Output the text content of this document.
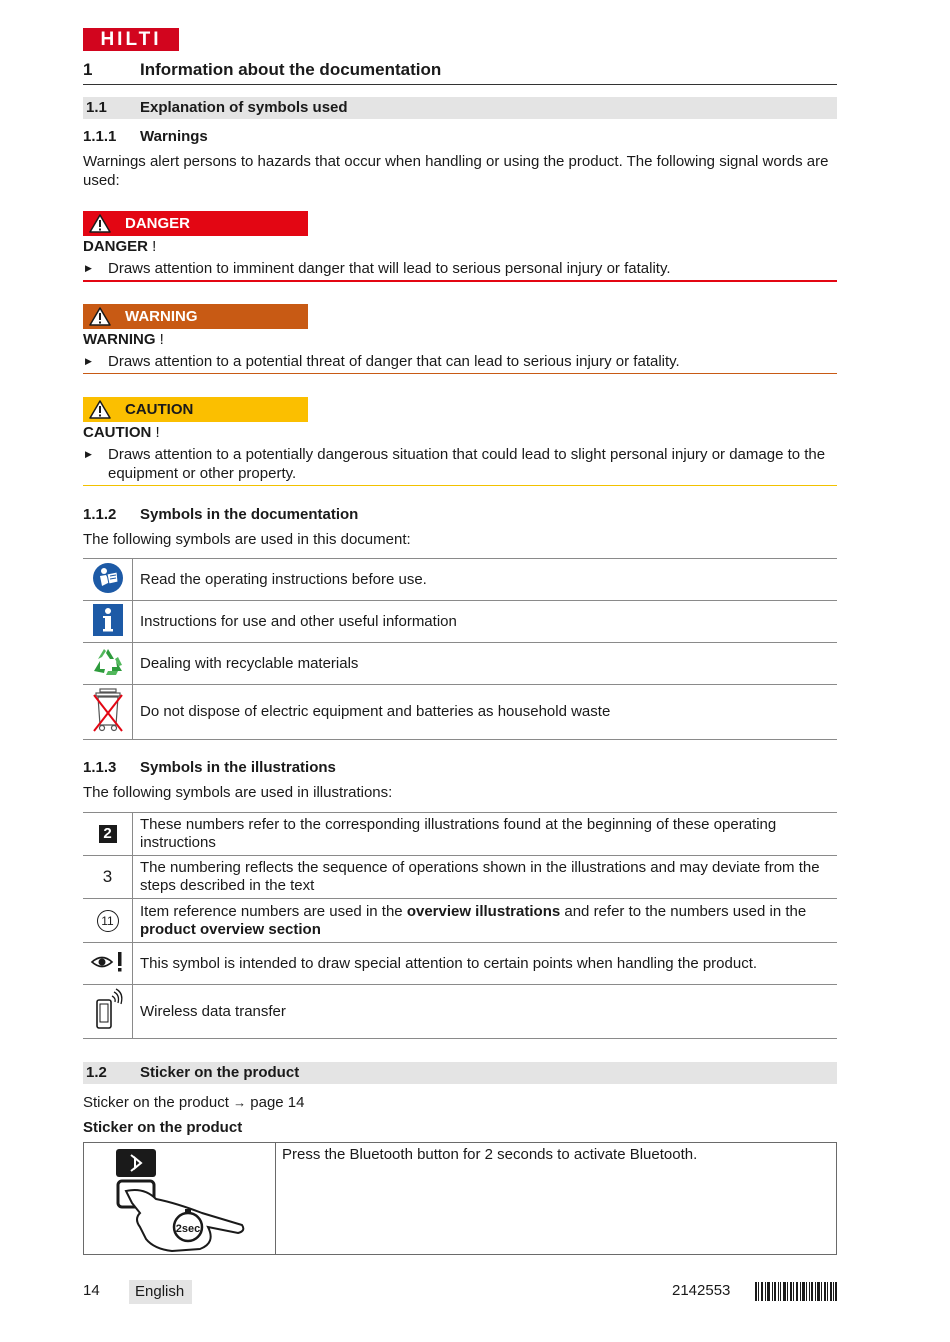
HILTI
1	Information about the documentation
1.1 Explanation of symbols used
1.1.1 Warnings
Warnings alert persons to hazards that occur when handling or using the product. The following signal words are used:
DANGER
DANGER !
▶ Draws attention to imminent danger that will lead to serious personal injury or fatality.
WARNING
WARNING !
▶ Draws attention to a potential threat of danger that can lead to serious injury or fatality.
CAUTION
CAUTION !
▶ Draws attention to a potentially dangerous situation that could lead to slight personal injury or damage to the equipment or other property.
1.1.2 Symbols in the documentation
The following symbols are used in this document:
	Read the operating instructions before use.
	Instructions for use and other useful information
	Dealing with recyclable materials
	Do not dispose of electric equipment and batteries as household waste
1.1.3 Symbols in the illustrations
The following symbols are used in illustrations:
2	These numbers refer to the corresponding illustrations found at the beginning of these operating instructions
3	The numbering reflects the sequence of operations shown in the illustrations and may deviate from the steps described in the text
11	Item reference numbers are used in the overview illustrations and refer to the numbers used in the product overview section
	This symbol is intended to draw special attention to certain points when handling the product.
	Wireless data transfer
1.2 Sticker on the product
Sticker on the product → page 14
Sticker on the product
2sec
Press the Bluetooth button for 2 seconds to activate Bluetooth.
14	English	2142553
